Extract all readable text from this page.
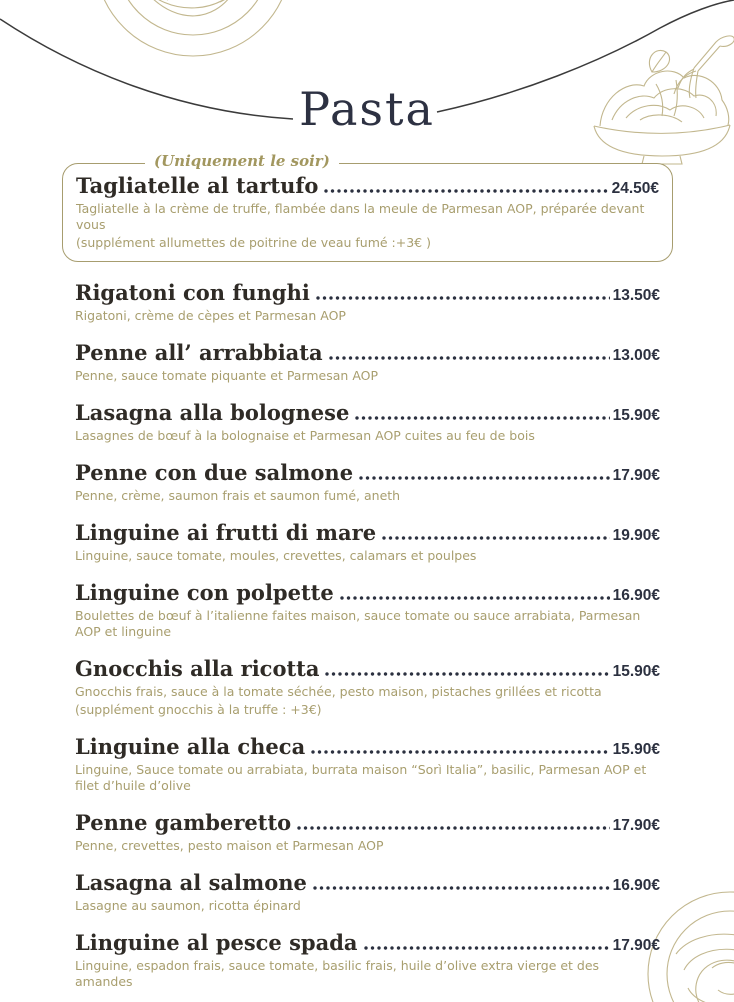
Pasta
(Uniquement le soir)
Tagliatelle al tartufo	24.50€
Tagliatelle à la crème de truffe, flambée dans la meule de Parmesan AOP, préparée devant vous
(supplément allumettes de poitrine de veau fumé :+3€ )
Rigatoni con funghi	13.50€
Rigatoni, crème de cèpes et Parmesan AOP
Penne all’ arrabbiata	13.00€
Penne, sauce tomate piquante et Parmesan AOP
Lasagna alla bolognese	15.90€
Lasagnes de bœuf à la bolognaise et Parmesan AOP cuites au feu de bois
Penne con due salmone	17.90€
Penne, crème, saumon frais et saumon fumé, aneth
Linguine ai frutti di mare	19.90€
Linguine, sauce tomate, moules, crevettes, calamars et poulpes
Linguine con polpette	16.90€
Boulettes de bœuf à l’italienne faites maison, sauce tomate ou sauce arrabiata, Parmesan AOP et linguine
Gnocchis alla ricotta	15.90€
Gnocchis frais, sauce à la tomate séchée, pesto maison, pistaches grillées et ricotta
(supplément gnocchis à la truffe : +3€)
Linguine alla checa	15.90€
Linguine, Sauce tomate ou arrabiata, burrata maison “Sorì Italia”, basilic, Parmesan AOP et filet d’huile d’olive
Penne gamberetto	17.90€
Penne, crevettes, pesto maison et Parmesan AOP
Lasagna al salmone	16.90€
Lasagne au saumon, ricotta épinard
Linguine al pesce spada	17.90€
Linguine, espadon frais, sauce tomate, basilic frais, huile d’olive extra vierge et des amandes
